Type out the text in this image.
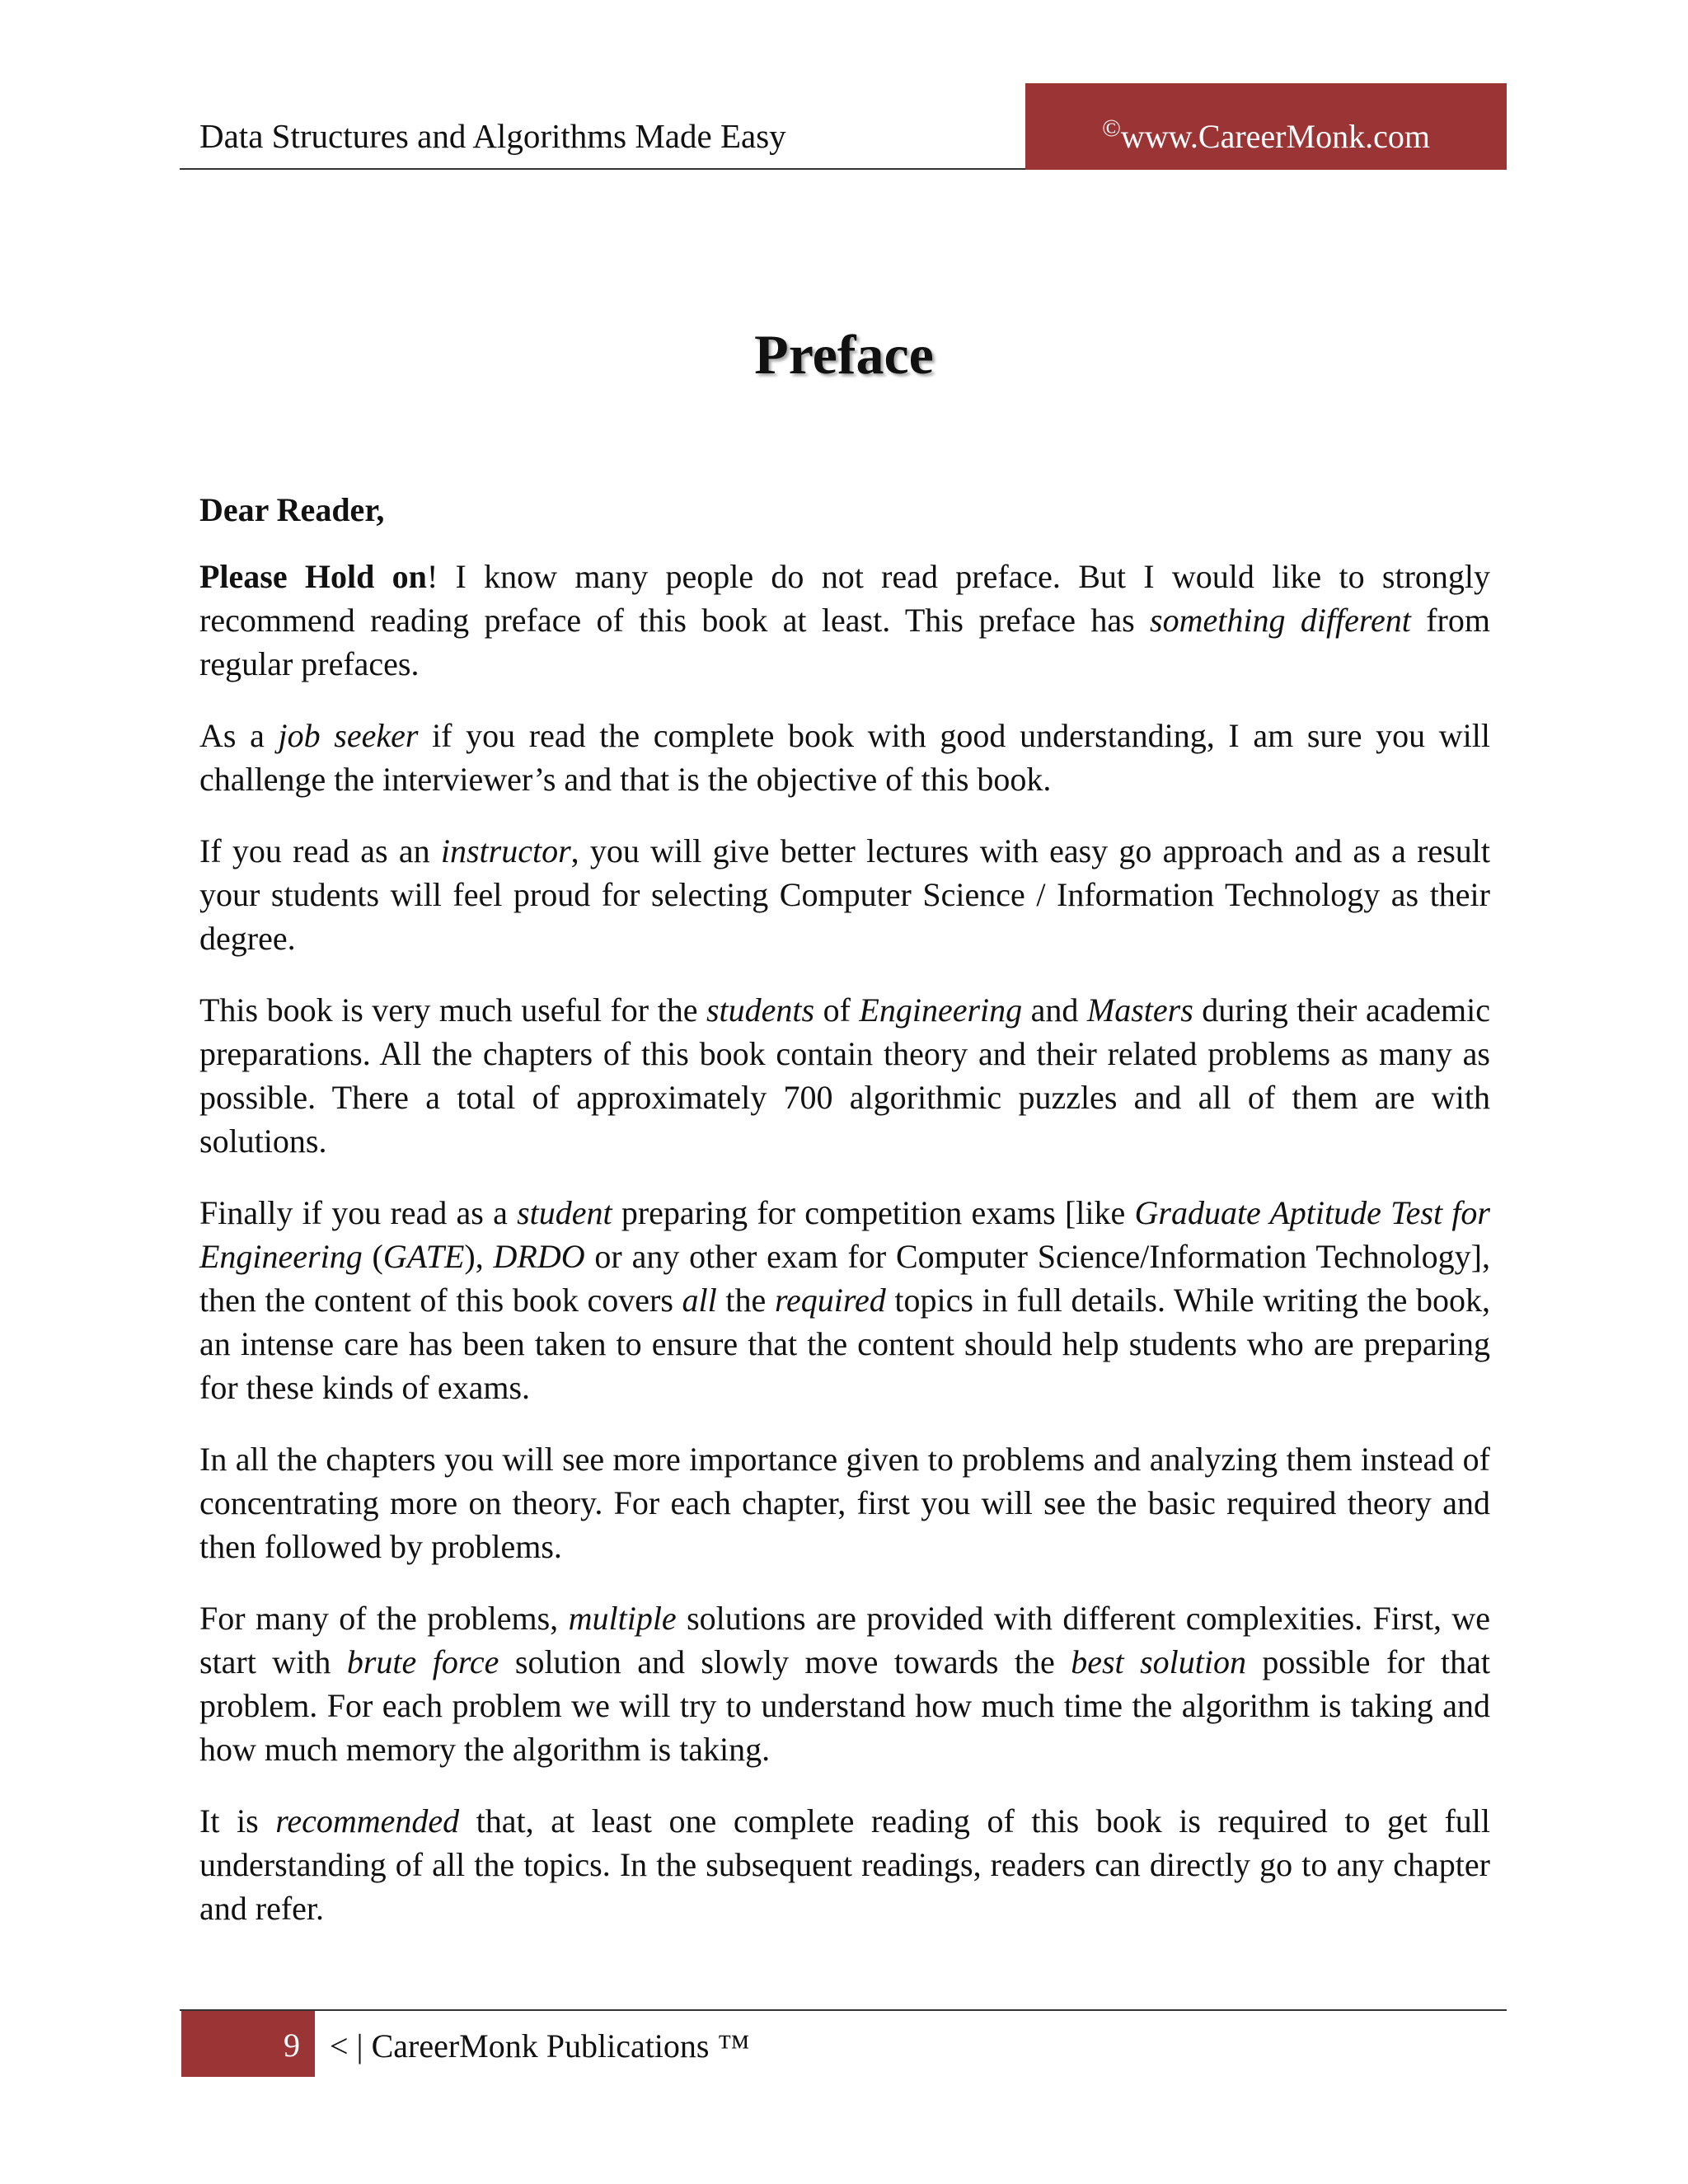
Data Structures and Algorithms Made Easy	©www.CareerMonk.com
Preface

Dear Reader,

Please Hold on! I know many people do not read preface. But I would like to strongly recommend reading preface of this book at least. This preface has something different from regular prefaces.

As a job seeker if you read the complete book with good understanding, I am sure you will challenge the interviewer’s and that is the objective of this book.

If you read as an instructor, you will give better lectures with easy go approach and as a result your students will feel proud for selecting Computer Science / Information Technology as their degree.

This book is very much useful for the students of Engineering and Masters during their academic preparations. All the chapters of this book contain theory and their related problems as many as possible. There a total of approximately 700 algorithmic puzzles and all of them are with solutions.

Finally if you read as a student preparing for competition exams [like Graduate Aptitude Test for Engineering (GATE), DRDO or any other exam for Computer Science/Information Technology], then the content of this book covers all the required topics in full details. While writing the book, an intense care has been taken to ensure that the content should help students who are preparing for these kinds of exams.

In all the chapters you will see more importance given to problems and analyzing them instead of concentrating more on theory. For each chapter, first you will see the basic required theory and then followed by problems.

For many of the problems, multiple solutions are provided with different complexities. First, we start with brute force solution and slowly move towards the best solution possible for that problem. For each problem we will try to understand how much time the algorithm is taking and how much memory the algorithm is taking.

It is recommended that, at least one complete reading of this book is required to get full understanding of all the topics. In the subsequent readings, readers can directly go to any chapter and refer.

9 < | CareerMonk Publications ™
